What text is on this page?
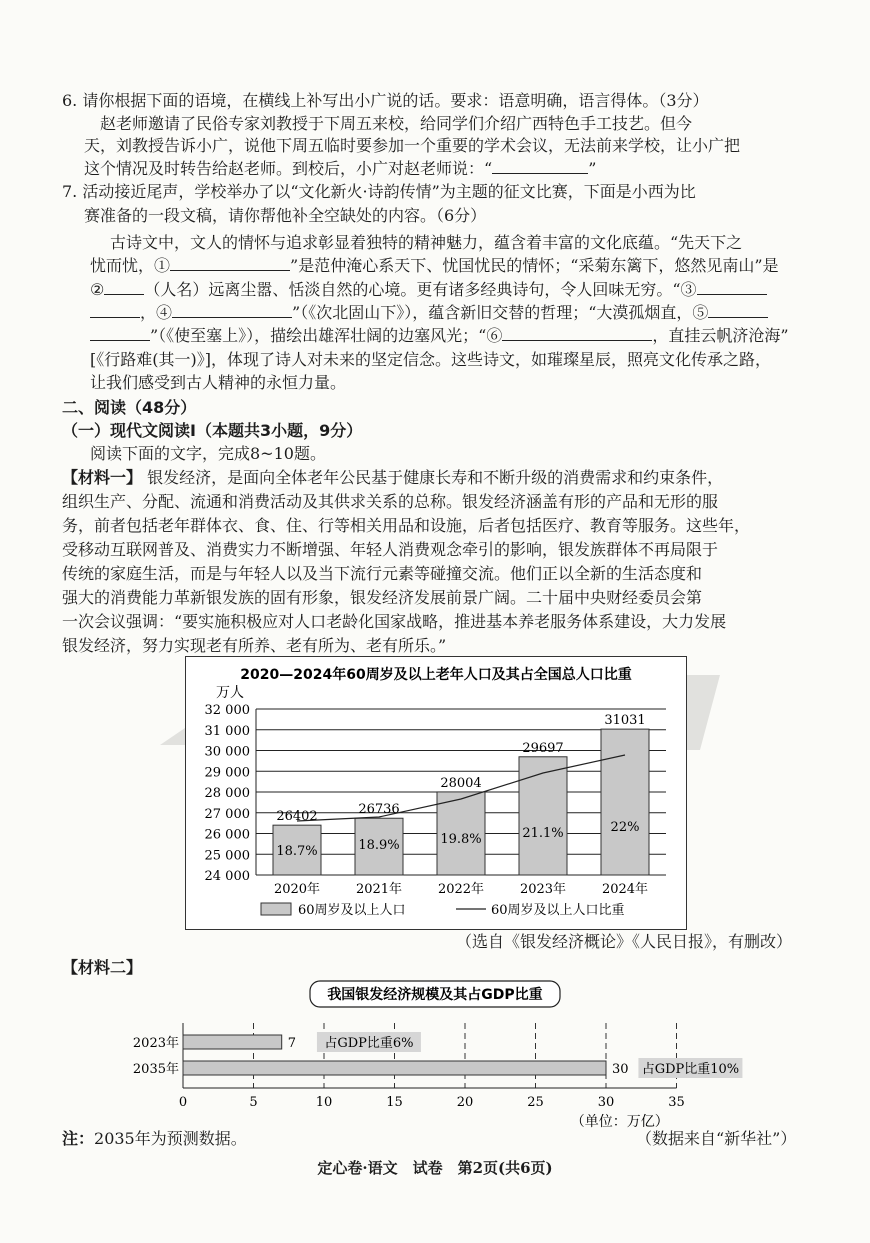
6. 请你根据下面的语境，在横线上补写出小广说的话。要求：语意明确，语言得体。（3分）
赵老师邀请了民俗专家刘教授于下周五来校，给同学们介绍广西特色手工技艺。但今
天，刘教授告诉小广，说他下周五临时要参加一个重要的学术会议，无法前来学校，让小广把
这个情况及时转告给赵老师。到校后，小广对赵老师说：“	”
7. 活动接近尾声，学校举办了以“文化新火·诗韵传情”为主题的征文比赛，下面是小西为比
赛准备的一段文稿，请你帮他补全空缺处的内容。（6分）
古诗文中，文人的情怀与追求彰显着独特的精神魅力，蕴含着丰富的文化底蕴。“先天下之
忧而忧，①	”是范仲淹心系天下、忧国忧民的情怀；“采菊东篱下，悠然见南山”是
②	（人名）远离尘嚣、恬淡自然的心境。更有诸多经典诗句，令人回味无穷。“③
，④	”（《次北固山下》），蕴含新旧交替的哲理；“大漠孤烟直，⑤
”（《使至塞上》），描绘出雄浑壮阔的边塞风光；“⑥	，直挂云帆济沧海”
[《行路难(其一)》]，体现了诗人对未来的坚定信念。这些诗文，如璀璨星辰，照亮文化传承之路，
让我们感受到古人精神的永恒力量。
二、阅读（48分）
（一）现代文阅读Ⅰ（本题共3小题，9分）
阅读下面的文字，完成8~10题。
【材料一】 银发经济，是面向全体老年公民基于健康长寿和不断升级的消费需求和约束条件，
组织生产、分配、流通和消费活动及其供求关系的总称。银发经济涵盖有形的产品和无形的服
务，前者包括老年群体衣、食、住、行等相关用品和设施，后者包括医疗、教育等服务。这些年，
受移动互联网普及、消费实力不断增强、年轻人消费观念牵引的影响，银发族群体不再局限于
传统的家庭生活，而是与年轻人以及当下流行元素等碰撞交流。他们正以全新的生活态度和
强大的消费能力革新银发族的固有形象，银发经济发展前景广阔。二十届中央财经委员会第
一次会议强调：“要实施积极应对人口老龄化国家战略，推进基本养老服务体系建设，大力发展
银发经济，努力实现老有所养、老有所为、老有所乐。”
2020—2024年60周岁及以上老年人口及其占全国总人口比重
万人
24 000
25 000
26 000
27 000
28 000
29 000
30 000
31 000
32 000
26402
2020年
18.7%
26736
2021年
18.9%
28004
2022年
19.8%
29697
2023年
21.1%
31031
2024年
22%
60周岁及以上人口	60周岁及以上人口比重
（选自《银发经济概论》《人民日报》，有删改）
【材料二】
我国银发经济规模及其占GDP比重
0	5	10	15	20	25	30	35
2023年	7 占GDP比重6%
2035年	30 占GDP比重10%
（单位：万亿）
注：2035年为预测数据。	（数据来自“新华社”）
定心卷·语文　试卷　第2页(共6页)
